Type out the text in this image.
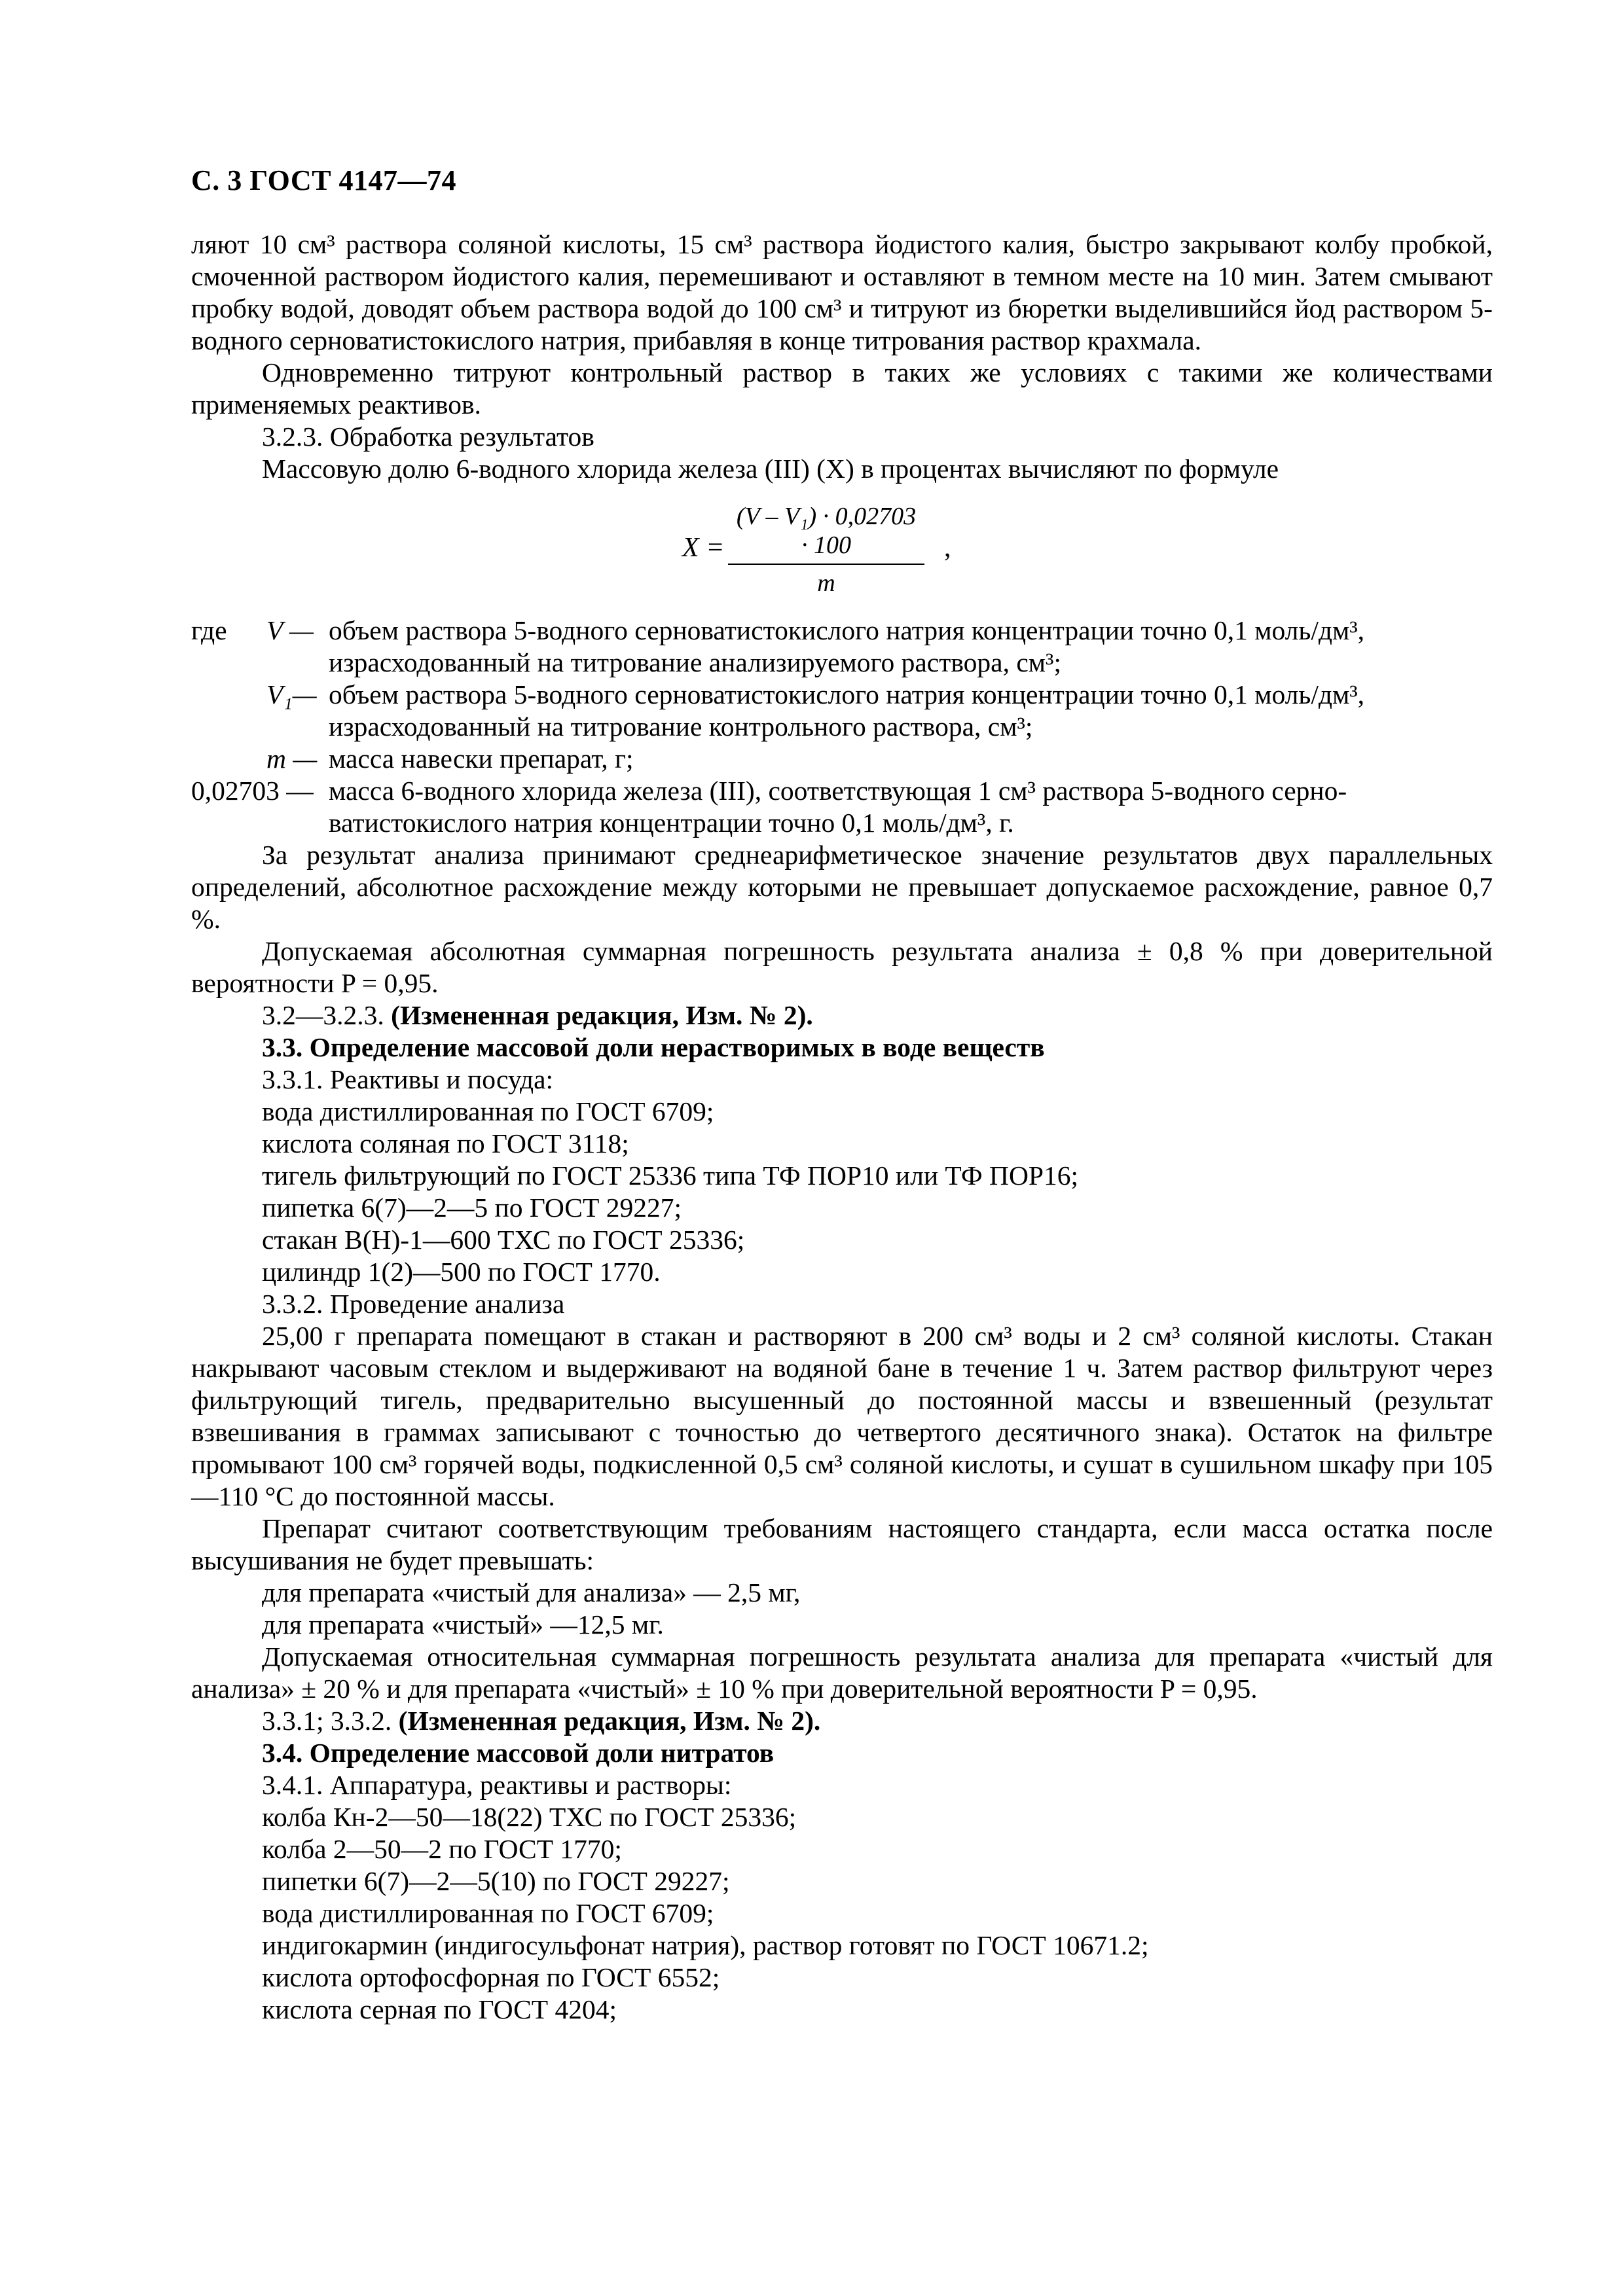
С. 3 ГОСТ 4147—74

ляют 10 см³ раствора соляной кислоты, 15 см³ раствора йодистого калия, быстро закрывают колбу пробкой, смоченной раствором йодистого калия, перемешивают и оставляют в темном месте на 10 мин. Затем смывают пробку водой, доводят объем раствора водой до 100 см³ и титруют из бюретки выделившийся йод раствором 5-водного серноватистокислого натрия, прибавляя в конце титрования раствор крахмала.

Одновременно титруют контрольный раствор в таких же условиях с такими же количествами применяемых реактивов.

3.2.3. Обработка результатов

Массовую долю 6-водного хлорида железа (III) (X) в процентах вычисляют по формуле

$X = \frac{\text{(V – V₁) · 0,02703 · 100}}{m}$ ,
где V — объем раствора 5-водного серноватистокислого натрия концентрации точно 0,1 моль/дм³,
израсходованный на титрование анализируемого раствора, см³;
V₁— объем раствора 5-водного серноватистокислого натрия концентрации точно 0,1 моль/дм³,
израсходованный на титрование контрольного раствора, см³;
m — масса навески препарат, г;
0,02703 — масса 6-водного хлорида железа (III), соответствующая 1 см³ раствора 5-водного серно-
ватистокислого натрия концентрации точно 0,1 моль/дм³, г.

За результат анализа принимают среднеарифметическое значение результатов двух параллельных определений, абсолютное расхождение между которыми не превышает допускаемое расхождение, равное 0,7 %.

Допускаемая абсолютная суммарная погрешность результата анализа ± 0,8 % при доверительной вероятности P = 0,95.

3.2—3.2.3. (Измененная редакция, Изм. № 2).

3.3. Определение массовой доли нерастворимых в воде веществ

3.3.1. Реактивы и посуда:

вода дистиллированная по ГОСТ 6709;

кислота соляная по ГОСТ 3118;

тигель фильтрующий по ГОСТ 25336 типа ТФ ПОР10 или ТФ ПОР16;

пипетка 6(7)—2—5 по ГОСТ 29227;

стакан В(Н)-1—600 ТХС по ГОСТ 25336;

цилиндр 1(2)—500 по ГОСТ 1770.

3.3.2. Проведение анализа

25,00 г препарата помещают в стакан и растворяют в 200 см³ воды и 2 см³ соляной кислоты. Стакан накрывают часовым стеклом и выдерживают на водяной бане в течение 1 ч. Затем раствор фильтруют через фильтрующий тигель, предварительно высушенный до постоянной массы и взвешенный (результат взвешивания в граммах записывают с точностью до четвертого десятичного знака). Остаток на фильтре промывают 100 см³ горячей воды, подкисленной 0,5 см³ соляной кислоты, и сушат в сушильном шкафу при 105—110 °С до постоянной массы.

Препарат считают соответствующим требованиям настоящего стандарта, если масса остатка после высушивания не будет превышать:

для препарата «чистый для анализа» — 2,5 мг,

для препарата «чистый» —12,5 мг.

Допускаемая относительная суммарная погрешность результата анализа для препарата «чистый для анализа» ± 20 % и для препарата «чистый» ± 10 % при доверительной вероятности P = 0,95.

3.3.1; 3.3.2. (Измененная редакция, Изм. № 2).

3.4. Определение массовой доли нитратов

3.4.1. Аппаратура, реактивы и растворы:

колба Кн-2—50—18(22) ТХС по ГОСТ 25336;

колба 2—50—2 по ГОСТ 1770;

пипетки 6(7)—2—5(10) по ГОСТ 29227;

вода дистиллированная по ГОСТ 6709;

индигокармин (индигосульфонат натрия), раствор готовят по ГОСТ 10671.2;

кислота ортофосфорная по ГОСТ 6552;

кислота серная по ГОСТ 4204;
